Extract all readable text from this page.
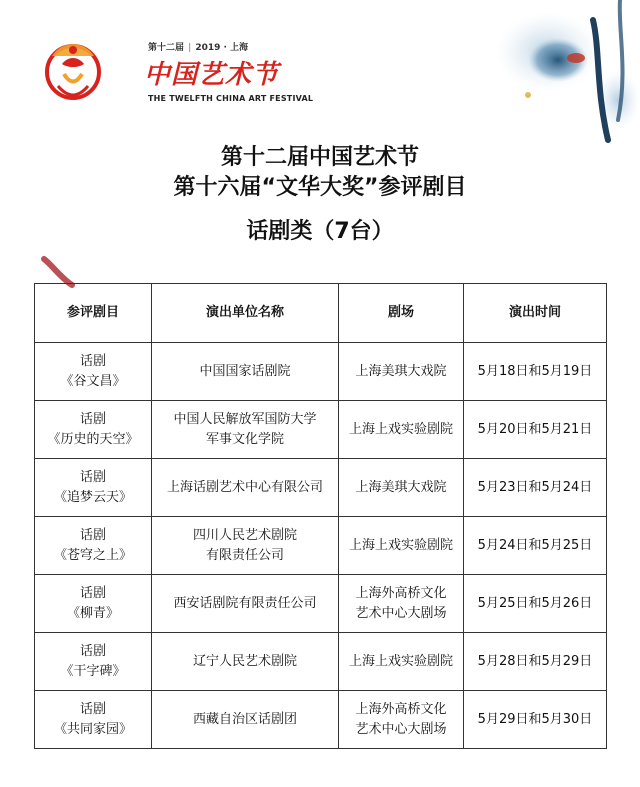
第十二届 | 2019 · 上海
中国艺术节
THE TWELFTH CHINA ART FESTIVAL
第十二届中国艺术节
第十六届“文华大奖”参评剧目
话剧类（7台）
参评剧目	演出单位名称	剧场	演出时间

话剧
《谷文昌》	中国国家话剧院	上海美琪大戏院	5月18日和5月19日

话剧
《历史的天空》	中国人民解放军国防大学
军事文化学院	上海上戏实验剧院	5月20日和5月21日

话剧
《追梦云天》	上海话剧艺术中心有限公司	上海美琪大戏院	5月23日和5月24日

话剧
《苍穹之上》	四川人民艺术剧院
有限责任公司	上海上戏实验剧院	5月24日和5月25日

话剧
《柳青》	西安话剧院有限责任公司	上海外高桥文化
艺术中心大剧场	5月25日和5月26日

话剧
《干字碑》	辽宁人民艺术剧院	上海上戏实验剧院	5月28日和5月29日

话剧
《共同家园》	西藏自治区话剧团	上海外高桥文化
艺术中心大剧场	5月29日和5月30日
